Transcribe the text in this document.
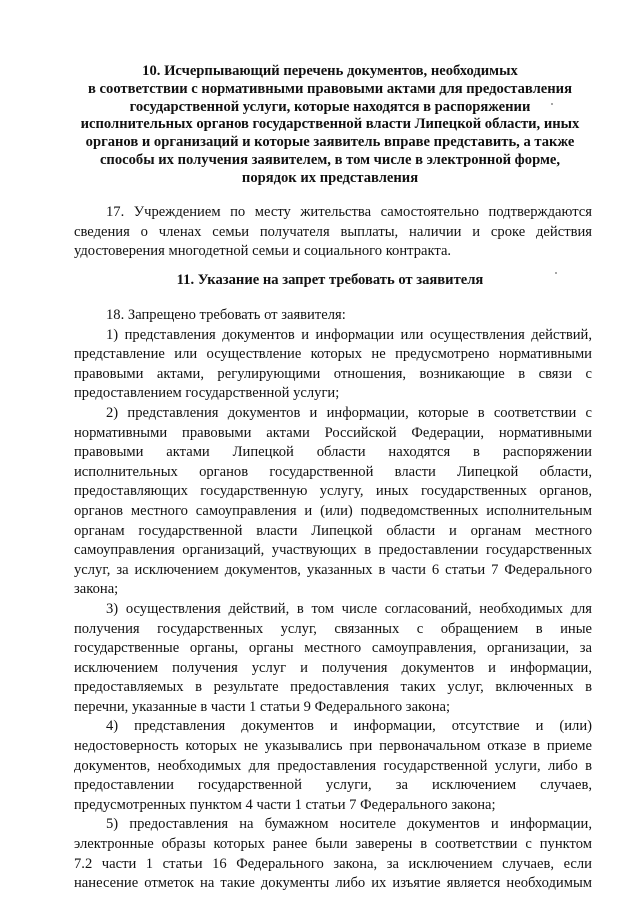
10. Исчерпывающий перечень документов, необходимых
в соответствии с нормативными правовыми актами для предоставления
государственной услуги, которые находятся в распоряжении
исполнительных органов государственной власти Липецкой области, иных
органов и организаций и которые заявитель вправе представить, а также
способы их получения заявителем, в том числе в электронной форме,
порядок их представления
17. Учреждением по месту жительства самостоятельно подтверждаются
сведения о членах семьи получателя выплаты, наличии и сроке действия
удостоверения многодетной семьи и социального контракта.
11. Указание на запрет требовать от заявителя
18. Запрещено требовать от заявителя:
1) представления документов и информации или осуществления действий,
представление или осуществление которых не предусмотрено нормативными
правовыми актами, регулирующими отношения, возникающие в связи с
предоставлением государственной услуги;
2) представления документов и информации, которые в соответствии с
нормативными правовыми актами Российской Федерации, нормативными
правовыми актами Липецкой области находятся в распоряжении
исполнительных органов государственной власти Липецкой области,
предоставляющих государственную услугу, иных государственных органов,
органов местного самоуправления и (или) подведомственных исполнительным
органам государственной власти Липецкой области и органам местного
самоуправления организаций, участвующих в предоставлении государственных
услуг, за исключением документов, указанных в части 6 статьи 7 Федерального
закона;
3) осуществления действий, в том числе согласований, необходимых для
получения государственных услуг, связанных с обращением в иные
государственные органы, органы местного самоуправления, организации, за
исключением получения услуг и получения документов и информации,
предоставляемых в результате предоставления таких услуг, включенных в
перечни, указанные в части 1 статьи 9 Федерального закона;
4) представления документов и информации, отсутствие и (или)
недостоверность которых не указывались при первоначальном отказе в приеме
документов, необходимых для предоставления государственной услуги, либо в
предоставлении государственной услуги, за исключением случаев,
предусмотренных пунктом 4 части 1 статьи 7 Федерального закона;
5) предоставления на бумажном носителе документов и информации,
электронные образы которых ранее были заверены в соответствии с пунктом
7.2 части 1 статьи 16 Федерального закона, за исключением случаев, если
нанесение отметок на такие документы либо их изъятие является необходимым
